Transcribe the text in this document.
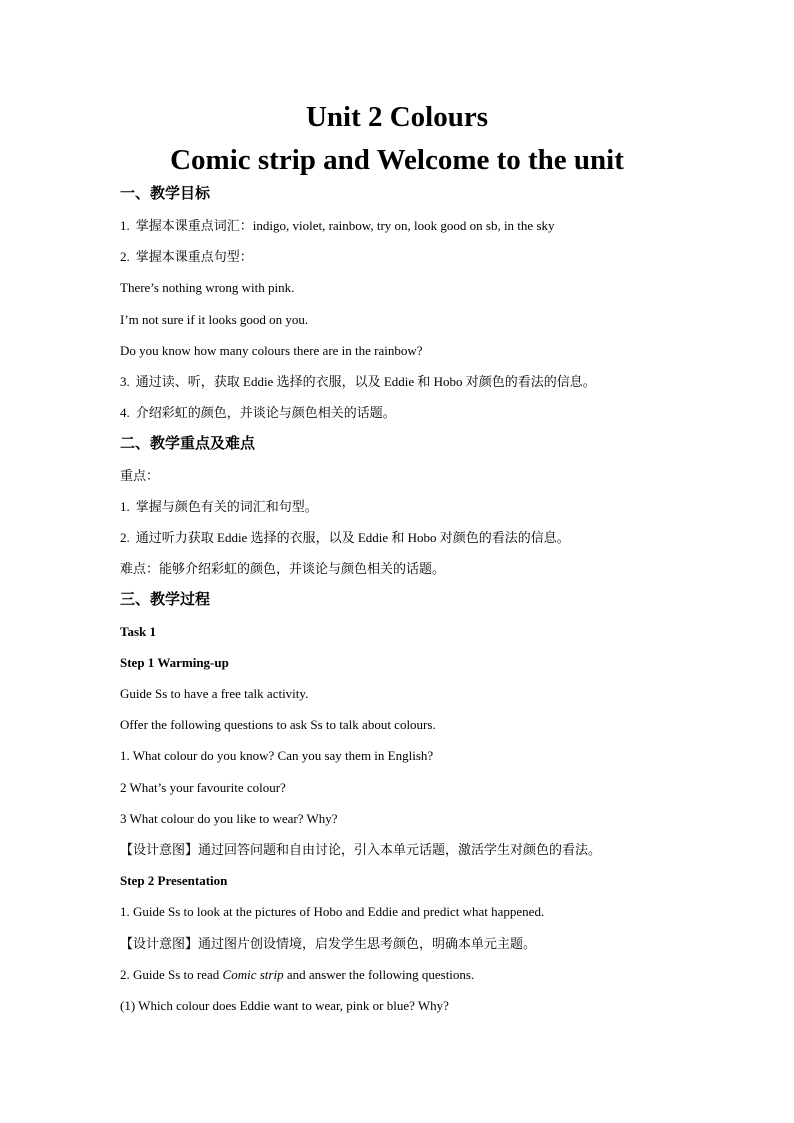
Unit 2 Colours
Comic strip and Welcome to the unit
一、教学目标
1. 掌握本课重点词汇：indigo, violet, rainbow, try on, look good on sb, in the sky
2. 掌握本课重点句型：
There’s nothing wrong with pink.
I’m not sure if it looks good on you.
Do you know how many colours there are in the rainbow?
3. 通过读、听，获取 Eddie 选择的衣服，以及 Eddie 和 Hobo 对颜色的看法的信息。
4. 介绍彩虹的颜色，并谈论与颜色相关的话题。
二、教学重点及难点
重点：
1. 掌握与颜色有关的词汇和句型。
2. 通过听力获取 Eddie 选择的衣服，以及 Eddie 和 Hobo 对颜色的看法的信息。
难点：能够介绍彩虹的颜色，并谈论与颜色相关的话题。
三、教学过程
Task 1
Step 1 Warming-up
Guide Ss to have a free talk activity.
Offer the following questions to ask Ss to talk about colours.
1. What colour do you know? Can you say them in English?
2 What’s your favourite colour?
3 What colour do you like to wear? Why?
【设计意图】通过回答问题和自由讨论，引入本单元话题，激活学生对颜色的看法。
Step 2 Presentation
1. Guide Ss to look at the pictures of Hobo and Eddie and predict what happened.
【设计意图】通过图片创设情境，启发学生思考颜色，明确本单元主题。
2. Guide Ss to read Comic strip and answer the following questions.
(1) Which colour does Eddie want to wear, pink or blue? Why?
